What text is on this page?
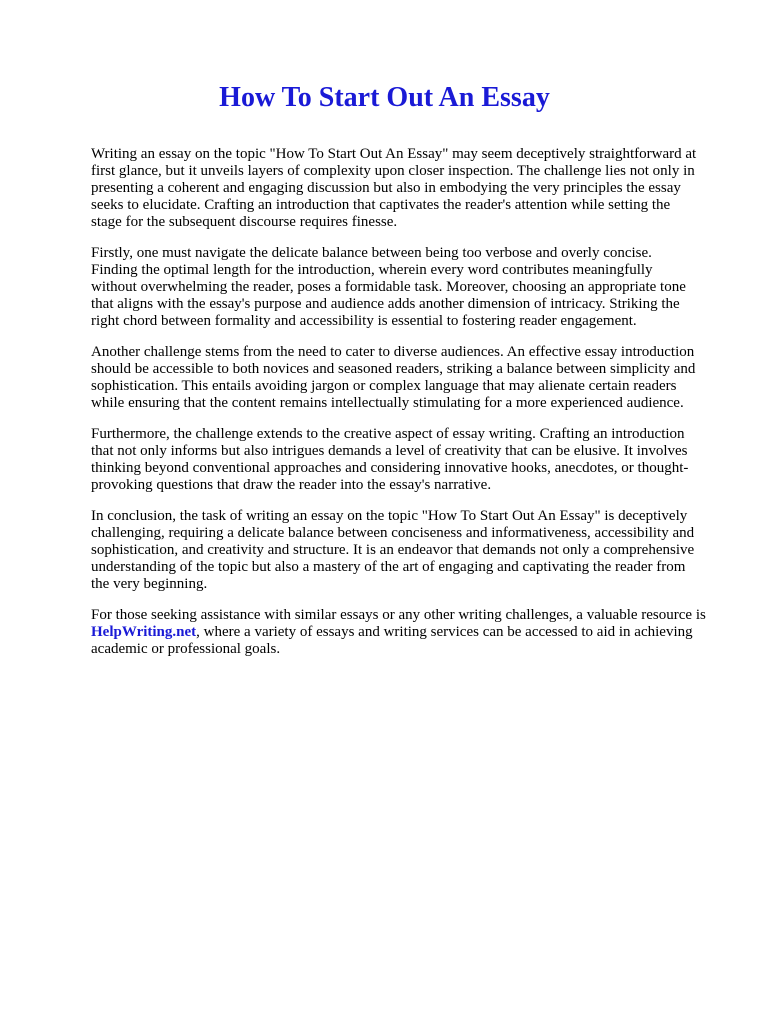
How To Start Out An Essay

Writing an essay on the topic "How To Start Out An Essay" may seem deceptively straightforward at
first glance, but it unveils layers of complexity upon closer inspection. The challenge lies not only in
presenting a coherent and engaging discussion but also in embodying the very principles the essay
seeks to elucidate. Crafting an introduction that captivates the reader's attention while setting the
stage for the subsequent discourse requires finesse.

Firstly, one must navigate the delicate balance between being too verbose and overly concise.
Finding the optimal length for the introduction, wherein every word contributes meaningfully
without overwhelming the reader, poses a formidable task. Moreover, choosing an appropriate tone
that aligns with the essay's purpose and audience adds another dimension of intricacy. Striking the
right chord between formality and accessibility is essential to fostering reader engagement.

Another challenge stems from the need to cater to diverse audiences. An effective essay introduction
should be accessible to both novices and seasoned readers, striking a balance between simplicity and
sophistication. This entails avoiding jargon or complex language that may alienate certain readers
while ensuring that the content remains intellectually stimulating for a more experienced audience.

Furthermore, the challenge extends to the creative aspect of essay writing. Crafting an introduction
that not only informs but also intrigues demands a level of creativity that can be elusive. It involves
thinking beyond conventional approaches and considering innovative hooks, anecdotes, or thought-
provoking questions that draw the reader into the essay's narrative.

In conclusion, the task of writing an essay on the topic "How To Start Out An Essay" is deceptively
challenging, requiring a delicate balance between conciseness and informativeness, accessibility and
sophistication, and creativity and structure. It is an endeavor that demands not only a comprehensive
understanding of the topic but also a mastery of the art of engaging and captivating the reader from
the very beginning.

For those seeking assistance with similar essays or any other writing challenges, a valuable resource is
HelpWriting.net, where a variety of essays and writing services can be accessed to aid in achieving
academic or professional goals.
